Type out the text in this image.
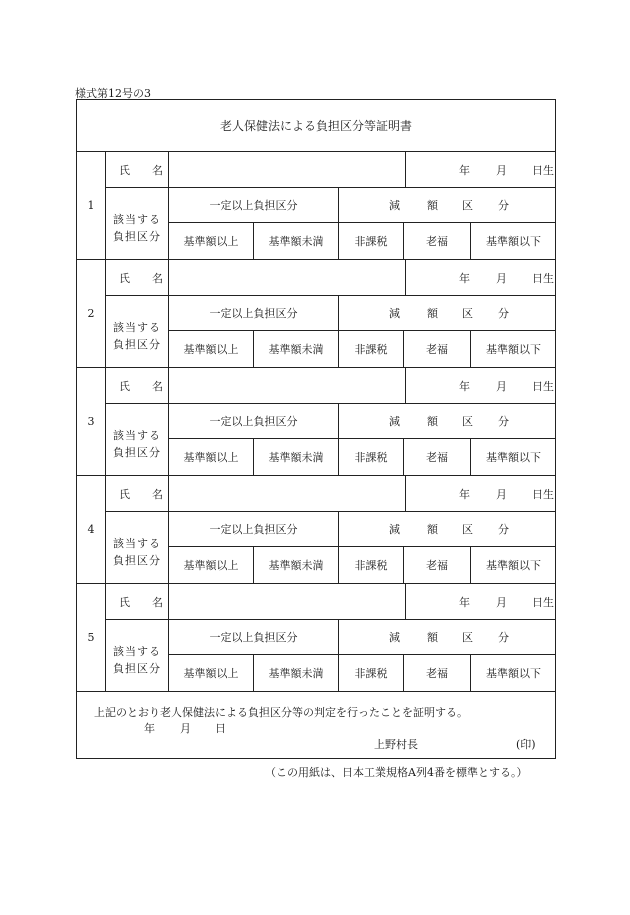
様式第12号の3
老人保健法による負担区分等証明書
1
氏 名	年 月 日生
該当する
負担区分
一定以上負担区分	減 額 区 分
基準額以上	基準額未満	非課税	老福	基準額以下
2
氏 名	年 月 日生
該当する
負担区分
一定以上負担区分	減 額 区 分
基準額以上	基準額未満	非課税	老福	基準額以下
3
氏 名	年 月 日生
該当する
負担区分
一定以上負担区分	減 額 区 分
基準額以上	基準額未満	非課税	老福	基準額以下
4
氏 名	年 月 日生
該当する
負担区分
一定以上負担区分	減 額 区 分
基準額以上	基準額未満	非課税	老福	基準額以下
5
氏 名	年 月 日生
該当する
負担区分
一定以上負担区分	減 額 区 分
基準額以上	基準額未満	非課税	老福	基準額以下
上記のとおり老人保健法による負担区分等の判定を行ったことを証明する。
年 月 日
上野村長	(印)
（この用紙は、日本工業規格A列4番を標準とする。）
